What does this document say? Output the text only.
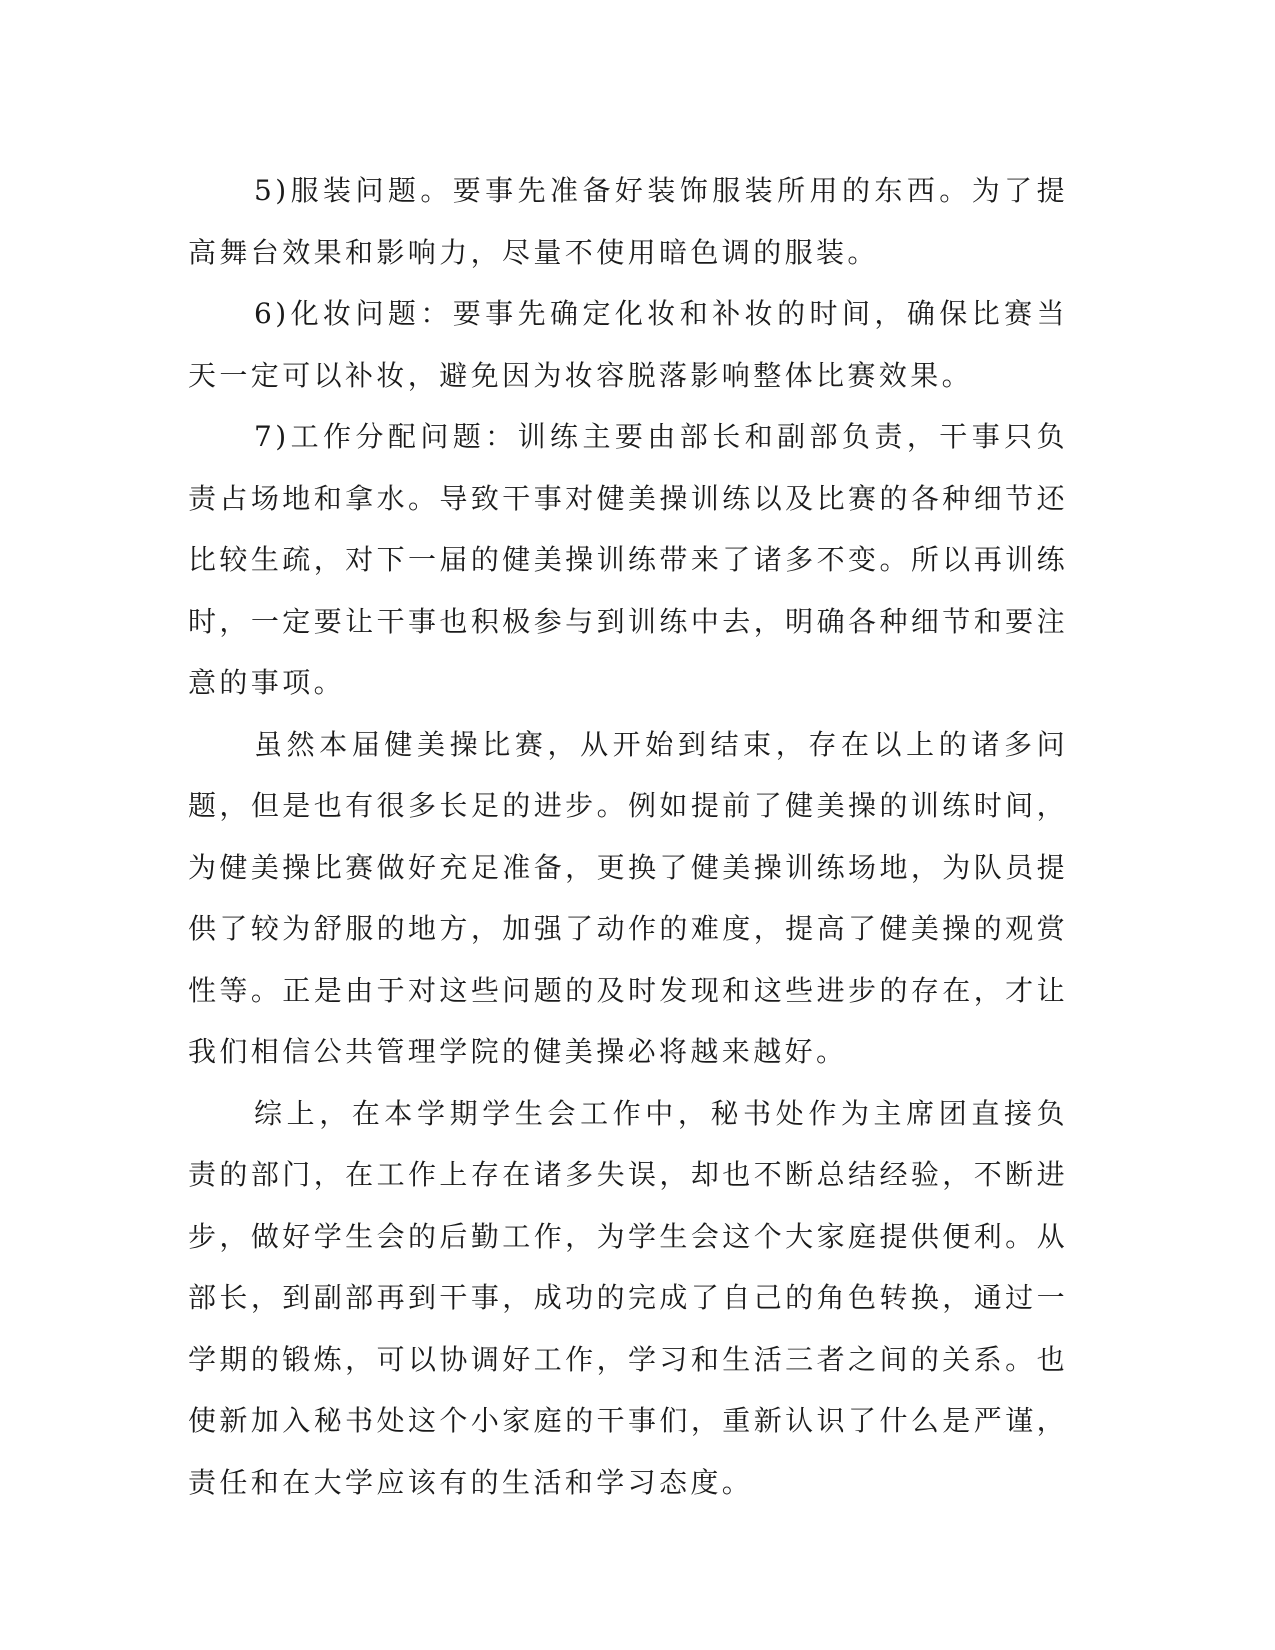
5)服装问题。要事先准备好装饰服装所用的东西。为了提高舞台效果和影响力，尽量不使用暗色调的服装。

6)化妆问题：要事先确定化妆和补妆的时间，确保比赛当天一定可以补妆，避免因为妆容脱落影响整体比赛效果。

7)工作分配问题：训练主要由部长和副部负责，干事只负责占场地和拿水。导致干事对健美操训练以及比赛的各种细节还比较生疏，对下一届的健美操训练带来了诸多不变。所以再训练时，一定要让干事也积极参与到训练中去，明确各种细节和要注意的事项。

虽然本届健美操比赛，从开始到结束，存在以上的诸多问题，但是也有很多长足的进步。例如提前了健美操的训练时间，为健美操比赛做好充足准备，更换了健美操训练场地，为队员提供了较为舒服的地方，加强了动作的难度，提高了健美操的观赏性等。正是由于对这些问题的及时发现和这些进步的存在，才让我们相信公共管理学院的健美操必将越来越好。

综上，在本学期学生会工作中，秘书处作为主席团直接负责的部门，在工作上存在诸多失误，却也不断总结经验，不断进步，做好学生会的后勤工作，为学生会这个大家庭提供便利。从部长，到副部再到干事，成功的完成了自己的角色转换，通过一学期的锻炼，可以协调好工作，学习和生活三者之间的关系。也使新加入秘书处这个小家庭的干事们，重新认识了什么是严谨，责任和在大学应该有的生活和学习态度。
